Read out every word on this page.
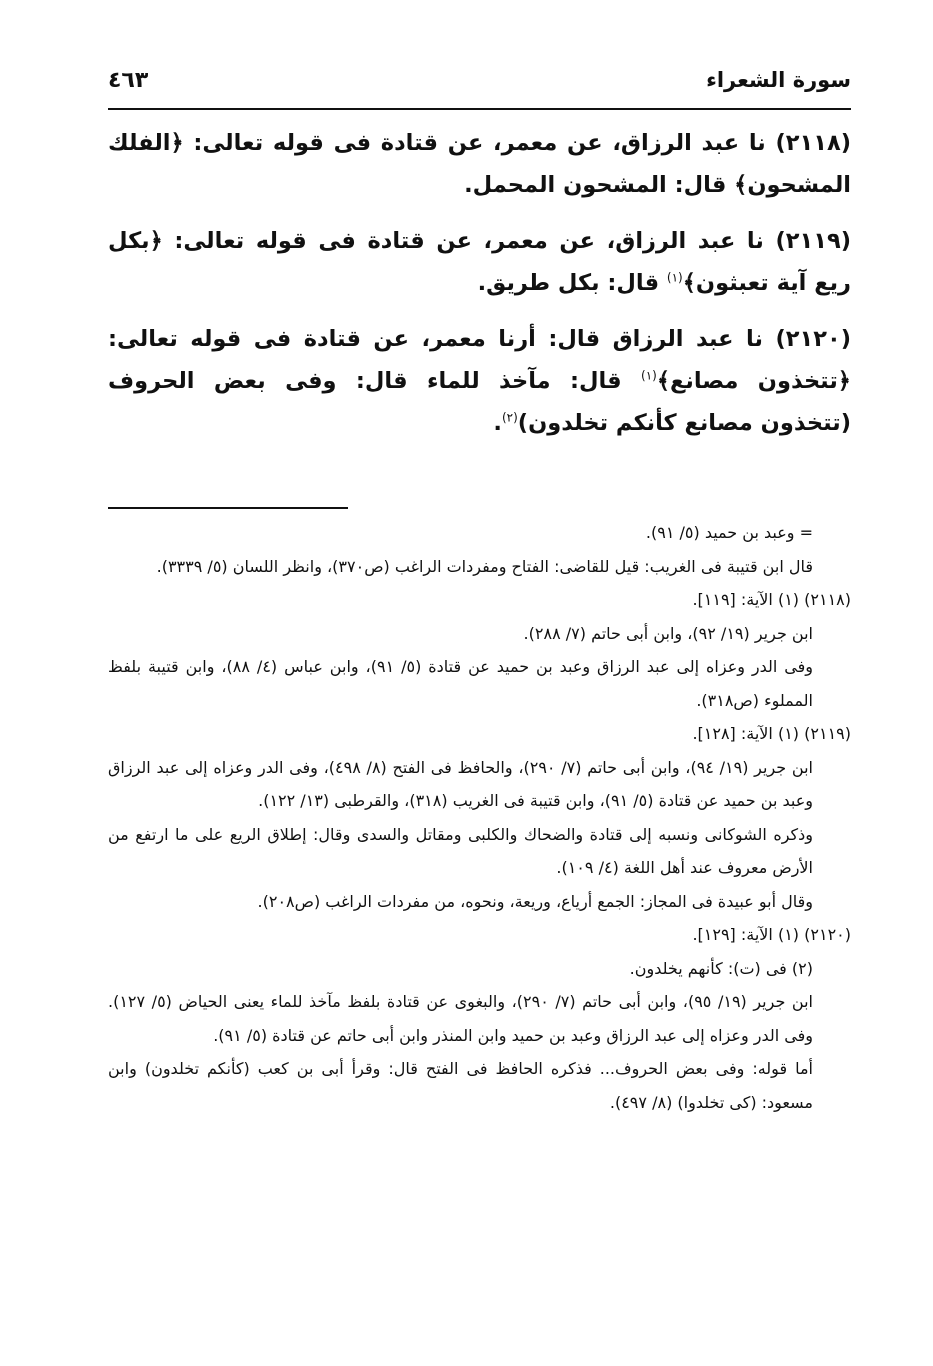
سورة الشعراء
٤٦٣

(٢١١٨) نا عبد الرزاق، عن معمر، عن قتادة فى قوله تعالى: ﴿الفلك المشحون﴾ قال: المشحون المحمل.

(٢١١٩) نا عبد الرزاق، عن معمر، عن قتادة فى قوله تعالى: ﴿بكل ريع آية تعبثون﴾$^{(١)}$ قال: بكل طريق.

(٢١٢٠) نا عبد الرزاق قال: أرنا معمر، عن قتادة فى قوله تعالى: ﴿تتخذون مصانع﴾$^{(١)}$ قال: مآخذ للماء قال: وفى بعض الحروف (تتخذون مصانع كأنكم تخلدون)$^{(٢)}$.

= وعبد بن حميد (٥/ ٩١).

قال ابن قتيبة فى الغريب: قيل للقاضى: الفتاح ومفردات الراغب (ص٣٧٠)، وانظر اللسان (٥/ ٣٣٣٩).

(٢١١٨) (١) الآية: [١١٩].

ابن جرير (١٩/ ٩٢)، وابن أبى حاتم (٧/ ٢٨٨).

وفى الدر وعزاه إلى عبد الرزاق وعبد بن حميد عن قتادة (٥/ ٩١)، وابن عباس (٤/ ٨٨)، وابن قتيبة بلفظ المملوء (ص٣١٨).

(٢١١٩) (١) الآية: [١٢٨].

ابن جرير (١٩/ ٩٤)، وابن أبى حاتم (٧/ ٢٩٠)، والحافظ فى الفتح (٨/ ٤٩٨)، وفى الدر وعزاه إلى عبد الرزاق وعبد بن حميد عن قتادة (٥/ ٩١)، وابن قتيبة فى الغريب (٣١٨)، والقرطبى (١٣/ ١٢٢).

وذكره الشوكانى ونسبه إلى قتادة والضحاك والكلبى ومقاتل والسدى وقال: إطلاق الريع على ما ارتفع من الأرض معروف عند أهل اللغة (٤/ ١٠٩).

وقال أبو عبيدة فى المجاز: الجمع أرياع، وريعة، ونحوه، من مفردات الراغب (ص٢٠٨).

(٢١٢٠) (١) الآية: [١٢٩].

(٢) فى (ت): كأنهم يخلدون.

ابن جرير (١٩/ ٩٥)، وابن أبى حاتم (٧/ ٢٩٠)، والبغوى عن قتادة بلفظ مآخذ للماء يعنى الحياض (٥/ ١٢٧). وفى الدر وعزاه إلى عبد الرزاق وعبد بن حميد وابن المنذر وابن أبى حاتم عن قتادة (٥/ ٩١).

أما قوله: وفى بعض الحروف... فذكره الحافظ فى الفتح قال: وقرأ أبى بن كعب (كأنكم تخلدون) وابن مسعود: (كى تخلدوا) (٨/ ٤٩٧).
